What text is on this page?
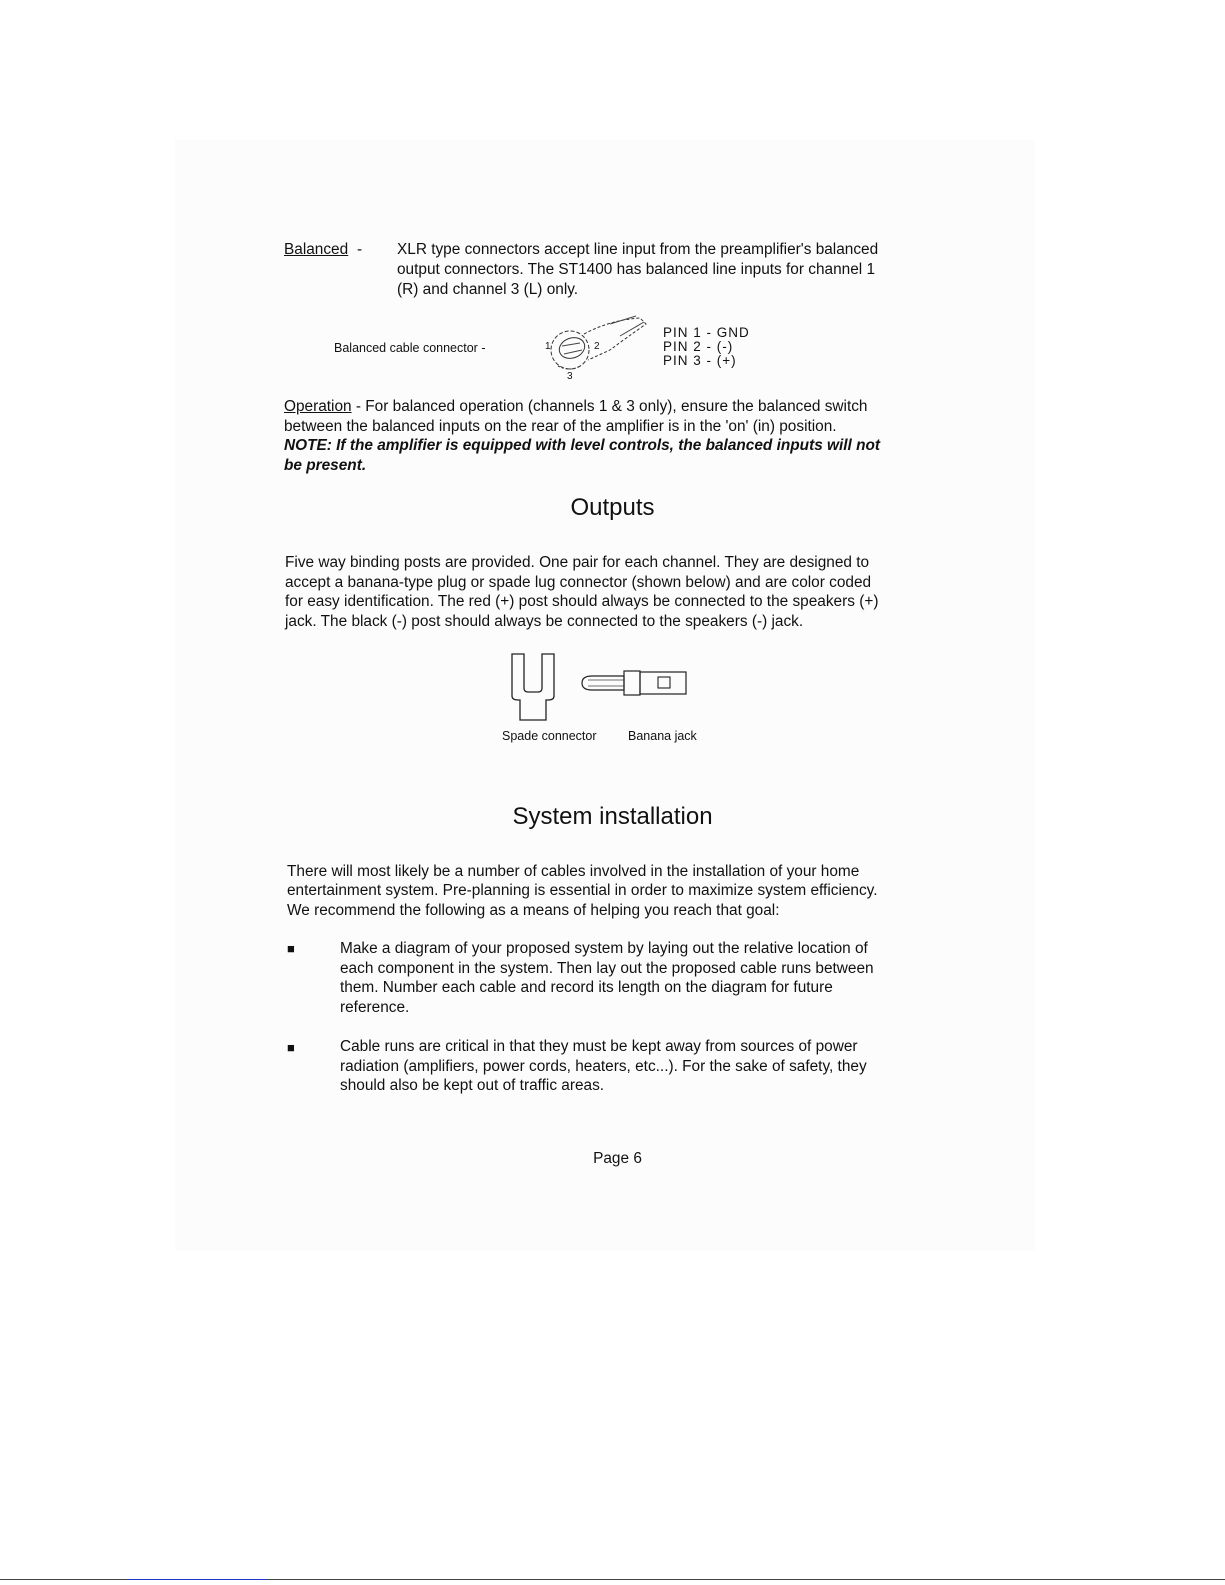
Balanced - XLR type connectors accept line input from the preamplifier's balanced
output connectors. The ST1400 has balanced line inputs for channel 1
(R) and channel 3 (L) only.
Balanced cable connector -	1	2
3
PIN 1 - GND
PIN 2 - (-)
PIN 3 - (+)
Operation - For balanced operation (channels 1 & 3 only), ensure the balanced switch
between the balanced inputs on the rear of the amplifier is in the 'on' (in) position.
NOTE: If the amplifier is equipped with level controls, the balanced inputs will not
be present.
Outputs
Five way binding posts are provided. One pair for each channel. They are designed to
accept a banana-type plug or spade lug connector (shown below) and are color coded
for easy identification. The red (+) post should always be connected to the speakers (+)
jack. The black (-) post should always be connected to the speakers (-) jack.
Spade connector	Banana jack
System installation
There will most likely be a number of cables involved in the installation of your home
entertainment system. Pre-planning is essential in order to maximize system efficiency.
We recommend the following as a means of helping you reach that goal:
■	Make a diagram of your proposed system by laying out the relative location of
each component in the system. Then lay out the proposed cable runs between
them. Number each cable and record its length on the diagram for future
reference.
■	Cable runs are critical in that they must be kept away from sources of power
radiation (amplifiers, power cords, heaters, etc...). For the sake of safety, they
should also be kept out of traffic areas.
Page 6
